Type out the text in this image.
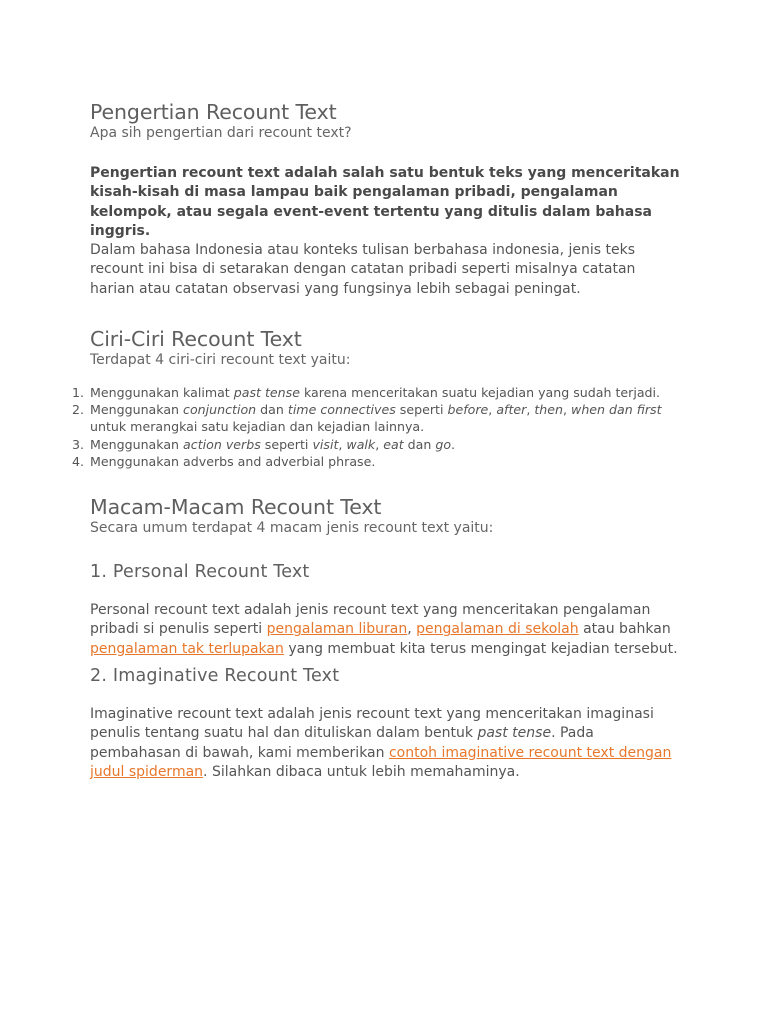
Pengertian Recount Text

Apa sih pengertian dari recount text?

Pengertian recount text adalah salah satu bentuk teks yang menceritakan kisah-kisah di masa lampau baik pengalaman pribadi, pengalaman kelompok, atau segala event-event tertentu yang ditulis dalam bahasa inggris.

Dalam bahasa Indonesia atau konteks tulisan berbahasa indonesia, jenis teks recount ini bisa di setarakan dengan catatan pribadi seperti misalnya catatan harian atau catatan observasi yang fungsinya lebih sebagai peningat.

Ciri-Ciri Recount Text

Terdapat 4 ciri-ciri recount text yaitu:

1. Menggunakan kalimat past tense karena menceritakan suatu kejadian yang sudah terjadi.
2. Menggunakan conjunction dan time connectives seperti before, after, then, when dan first untuk merangkai satu kejadian dan kejadian lainnya.
3. Menggunakan action verbs seperti visit, walk, eat dan go.
4. Menggunakan adverbs and adverbial phrase.
Macam-Macam Recount Text

Secara umum terdapat 4 macam jenis recount text yaitu:

1. Personal Recount Text

Personal recount text adalah jenis recount text yang menceritakan pengalaman pribadi si penulis seperti pengalaman liburan, pengalaman di sekolah atau bahkan pengalaman tak terlupakan yang membuat kita terus mengingat kejadian tersebut.

2. Imaginative Recount Text

Imaginative recount text adalah jenis recount text yang menceritakan imaginasi penulis tentang suatu hal dan dituliskan dalam bentuk past tense. Pada pembahasan di bawah, kami memberikan contoh imaginative recount text dengan judul spiderman. Silahkan dibaca untuk lebih memahaminya.
